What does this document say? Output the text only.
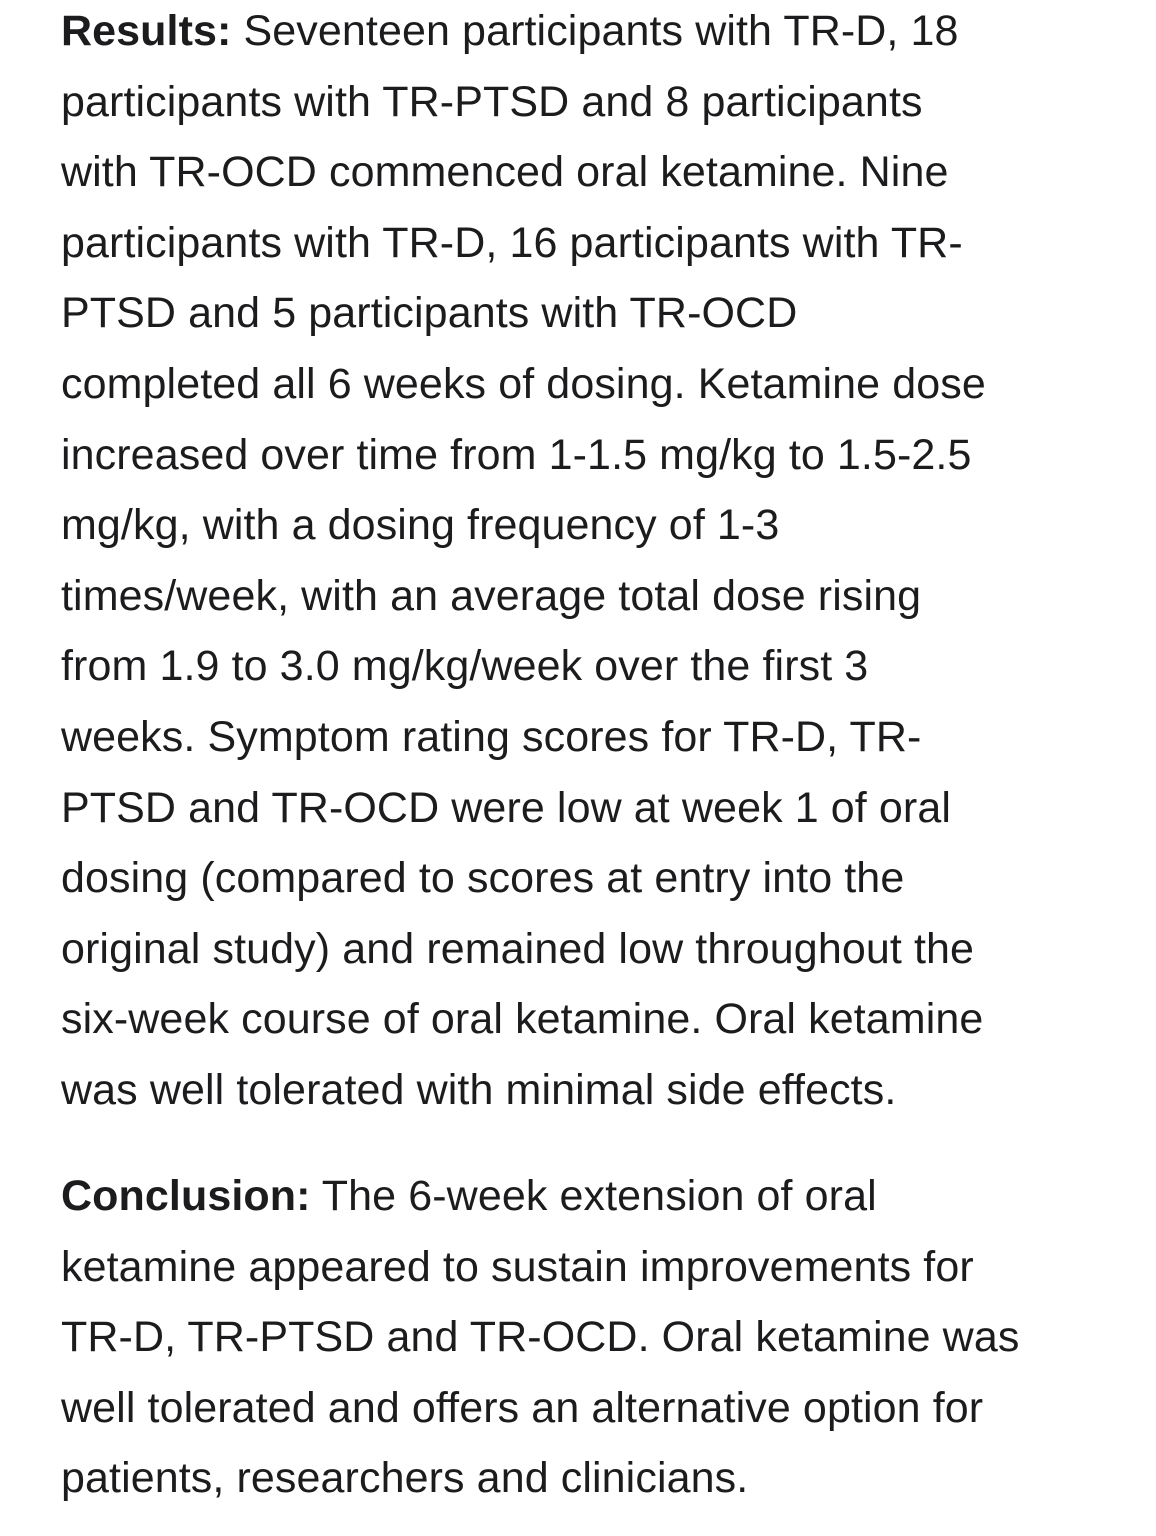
Results: Seventeen participants with TR-D, 18
participants with TR-PTSD and 8 participants
with TR-OCD commenced oral ketamine. Nine
participants with TR-D, 16 participants with TR-
PTSD and 5 participants with TR-OCD
completed all 6 weeks of dosing. Ketamine dose
increased over time from 1-1.5 mg/kg to 1.5-2.5
mg/kg, with a dosing frequency of 1-3
times/week, with an average total dose rising
from 1.9 to 3.0 mg/kg/week over the first 3
weeks. Symptom rating scores for TR-D, TR-
PTSD and TR-OCD were low at week 1 of oral
dosing (compared to scores at entry into the
original study) and remained low throughout the
six-week course of oral ketamine. Oral ketamine
was well tolerated with minimal side effects.

Conclusion: The 6-week extension of oral
ketamine appeared to sustain improvements for
TR-D, TR-PTSD and TR-OCD. Oral ketamine was
well tolerated and offers an alternative option for
patients, researchers and clinicians.
